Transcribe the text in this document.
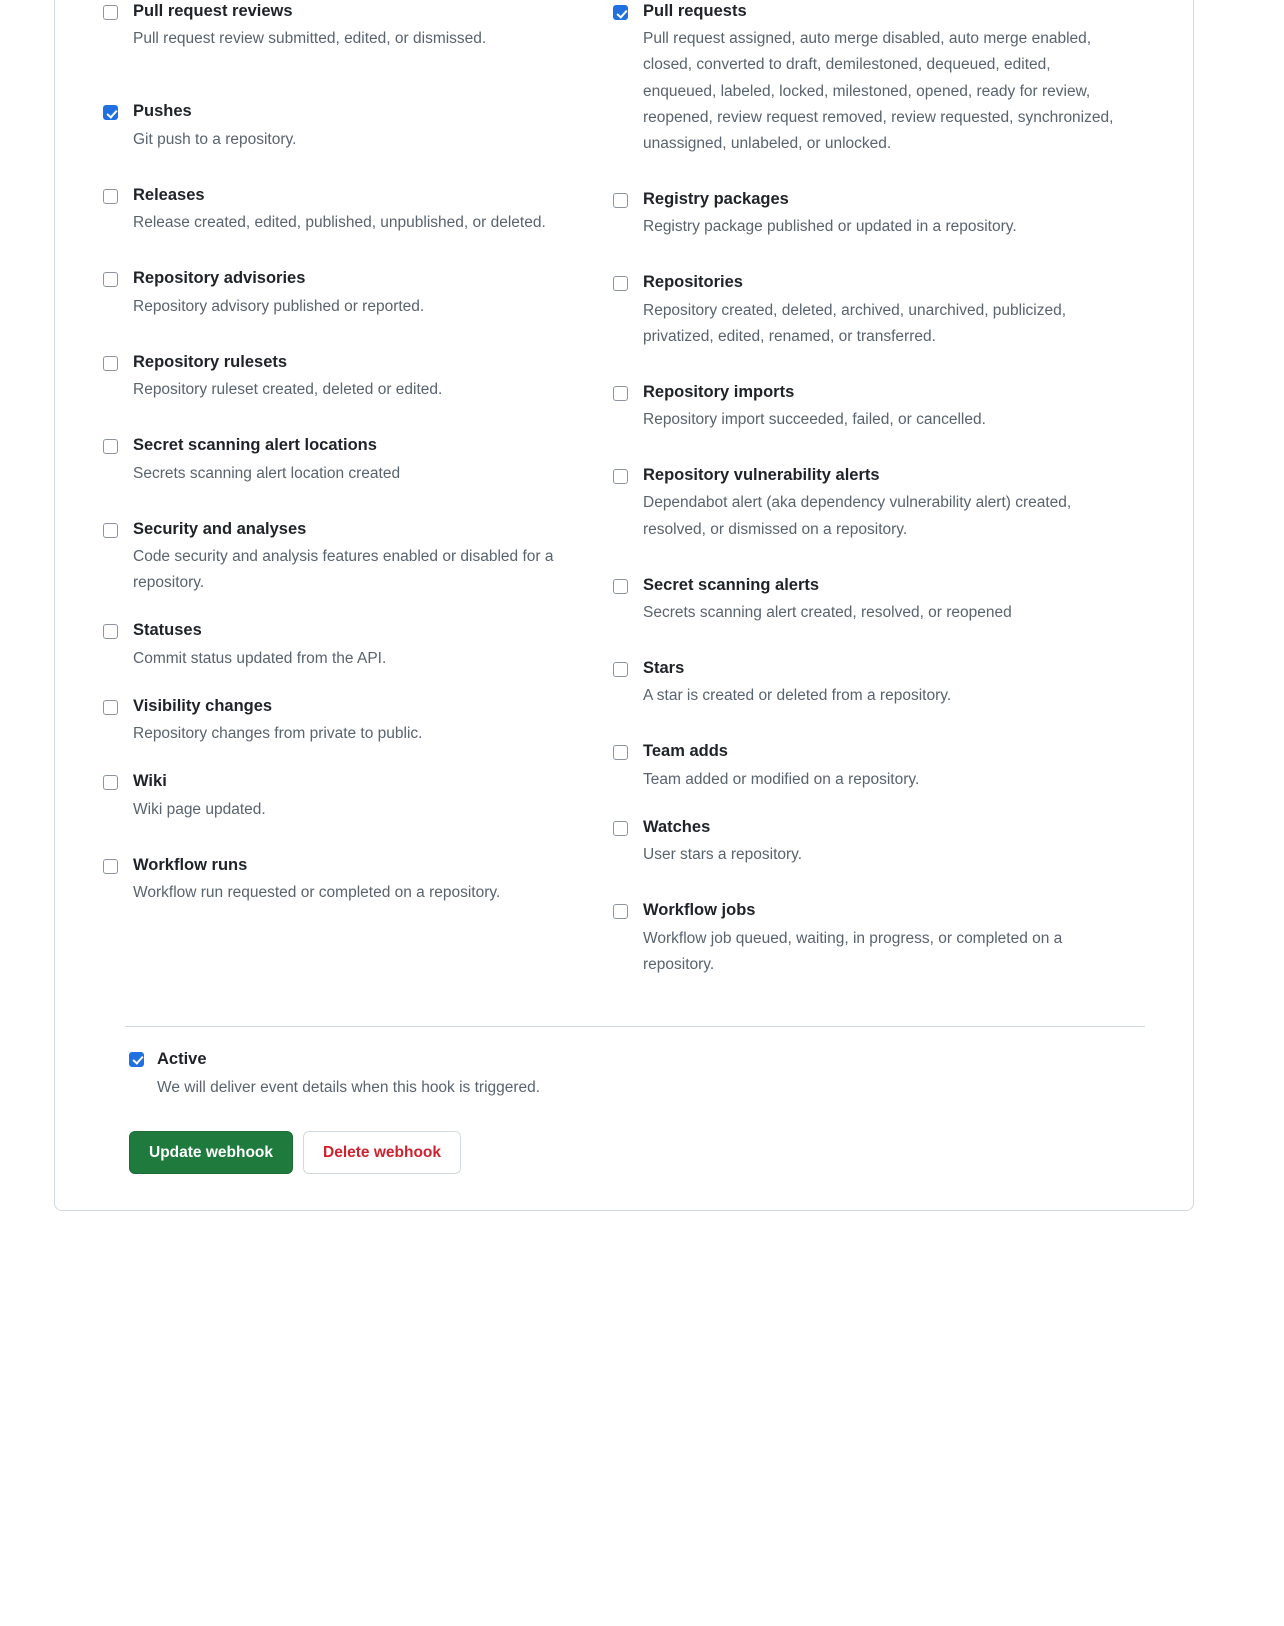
Pull request reviews
Pull request review submitted, edited, or dismissed.
Pushes
Git push to a repository.
Releases
Release created, edited, published, unpublished, or deleted.
Repository advisories
Repository advisory published or reported.
Repository rulesets
Repository ruleset created, deleted or edited.
Secret scanning alert locations
Secrets scanning alert location created
Security and analyses
Code security and analysis features enabled or disabled for a repository.
Statuses
Commit status updated from the API.
Visibility changes
Repository changes from private to public.
Wiki
Wiki page updated.
Workflow runs
Workflow run requested or completed on a repository.
Pull requests
Pull request assigned, auto merge disabled, auto merge enabled, closed, converted to draft, demilestoned, dequeued, edited, enqueued, labeled, locked, milestoned, opened, ready for review, reopened, review request removed, review requested, synchronized, unassigned, unlabeled, or unlocked.
Registry packages
Registry package published or updated in a repository.
Repositories
Repository created, deleted, archived, unarchived, publicized, privatized, edited, renamed, or transferred.
Repository imports
Repository import succeeded, failed, or cancelled.
Repository vulnerability alerts
Dependabot alert (aka dependency vulnerability alert) created, resolved, or dismissed on a repository.
Secret scanning alerts
Secrets scanning alert created, resolved, or reopened
Stars
A star is created or deleted from a repository.
Team adds
Team added or modified on a repository.
Watches
User stars a repository.
Workflow jobs
Workflow job queued, waiting, in progress, or completed on a repository.
Active
We will deliver event details when this hook is triggered.
Update webhook	Delete webhook
